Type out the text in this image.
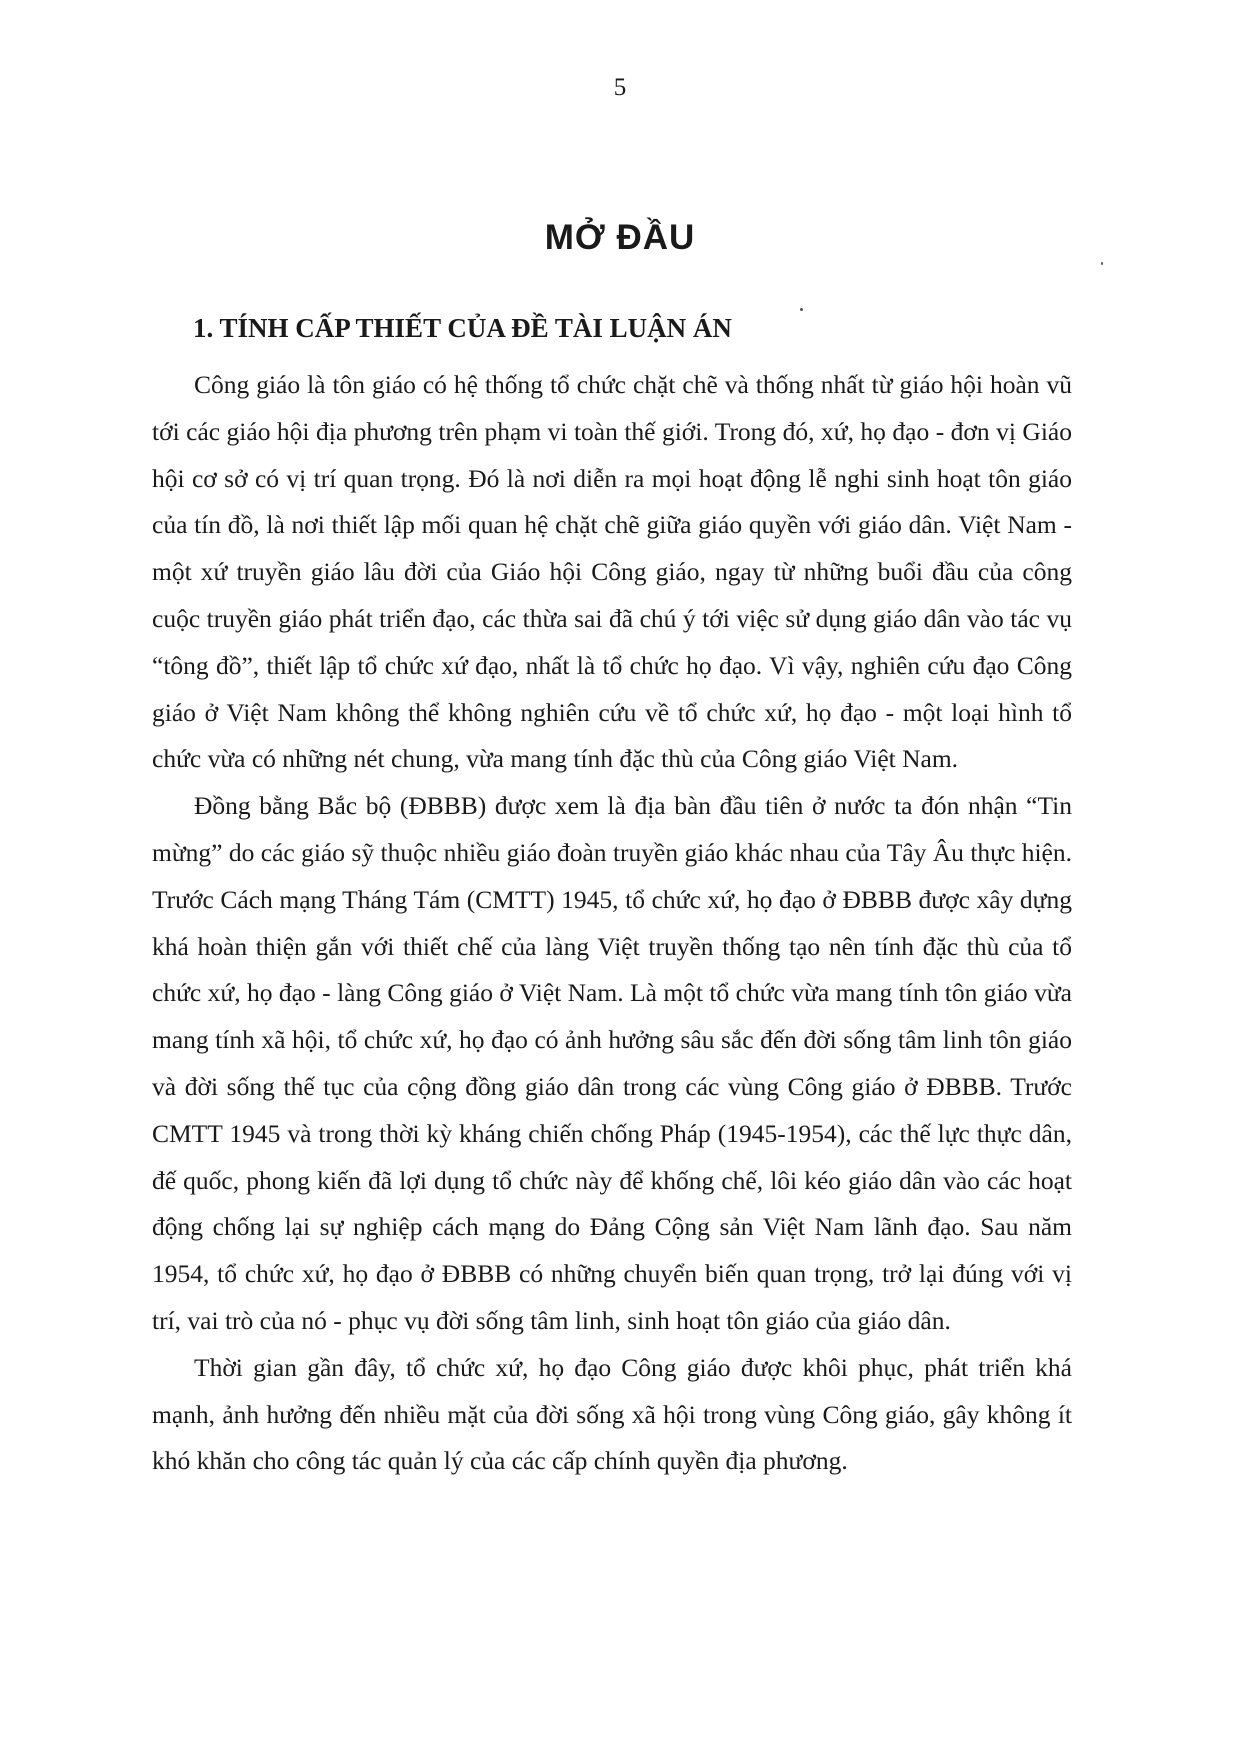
5
MỞ ĐẦU
1. TÍNH CẤP THIẾT CỦA ĐỀ TÀI LUẬN ÁN

Công giáo là tôn giáo có hệ thống tổ chức chặt chẽ và thống nhất từ giáo hội hoàn vũ tới các giáo hội địa phương trên phạm vi toàn thế giới. Trong đó, xứ, họ đạo - đơn vị Giáo hội cơ sở có vị trí quan trọng. Đó là nơi diễn ra mọi hoạt động lễ nghi sinh hoạt tôn giáo của tín đồ, là nơi thiết lập mối quan hệ chặt chẽ giữa giáo quyền với giáo dân. Việt Nam - một xứ truyền giáo lâu đời của Giáo hội Công giáo, ngay từ những buổi đầu của công cuộc truyền giáo phát triển đạo, các thừa sai đã chú ý tới việc sử dụng giáo dân vào tác vụ “tông đồ”, thiết lập tổ chức xứ đạo, nhất là tổ chức họ đạo. Vì vậy, nghiên cứu đạo Công giáo ở Việt Nam không thể không nghiên cứu về tổ chức xứ, họ đạo - một loại hình tổ chức vừa có những nét chung, vừa mang tính đặc thù của Công giáo Việt Nam.

Đồng bằng Bắc bộ (ĐBBB) được xem là địa bàn đầu tiên ở nước ta đón nhận “Tin mừng” do các giáo sỹ thuộc nhiều giáo đoàn truyền giáo khác nhau của Tây Âu thực hiện. Trước Cách mạng Tháng Tám (CMTT) 1945, tổ chức xứ, họ đạo ở ĐBBB được xây dựng khá hoàn thiện gắn với thiết chế của làng Việt truyền thống tạo nên tính đặc thù của tổ chức xứ, họ đạo - làng Công giáo ở Việt Nam. Là một tổ chức vừa mang tính tôn giáo vừa mang tính xã hội, tổ chức xứ, họ đạo có ảnh hưởng sâu sắc đến đời sống tâm linh tôn giáo và đời sống thế tục của cộng đồng giáo dân trong các vùng Công giáo ở ĐBBB. Trước CMTT 1945 và trong thời kỳ kháng chiến chống Pháp (1945-1954), các thế lực thực dân, đế quốc, phong kiến đã lợi dụng tổ chức này để khống chế, lôi kéo giáo dân vào các hoạt động chống lại sự nghiệp cách mạng do Đảng Cộng sản Việt Nam lãnh đạo. Sau năm 1954, tổ chức xứ, họ đạo ở ĐBBB có những chuyển biến quan trọng, trở lại đúng với vị trí, vai trò của nó - phục vụ đời sống tâm linh, sinh hoạt tôn giáo của giáo dân.

Thời gian gần đây, tổ chức xứ, họ đạo Công giáo được khôi phục, phát triển khá mạnh, ảnh hưởng đến nhiều mặt của đời sống xã hội trong vùng Công giáo, gây không ít khó khăn cho công tác quản lý của các cấp chính quyền địa phương.
